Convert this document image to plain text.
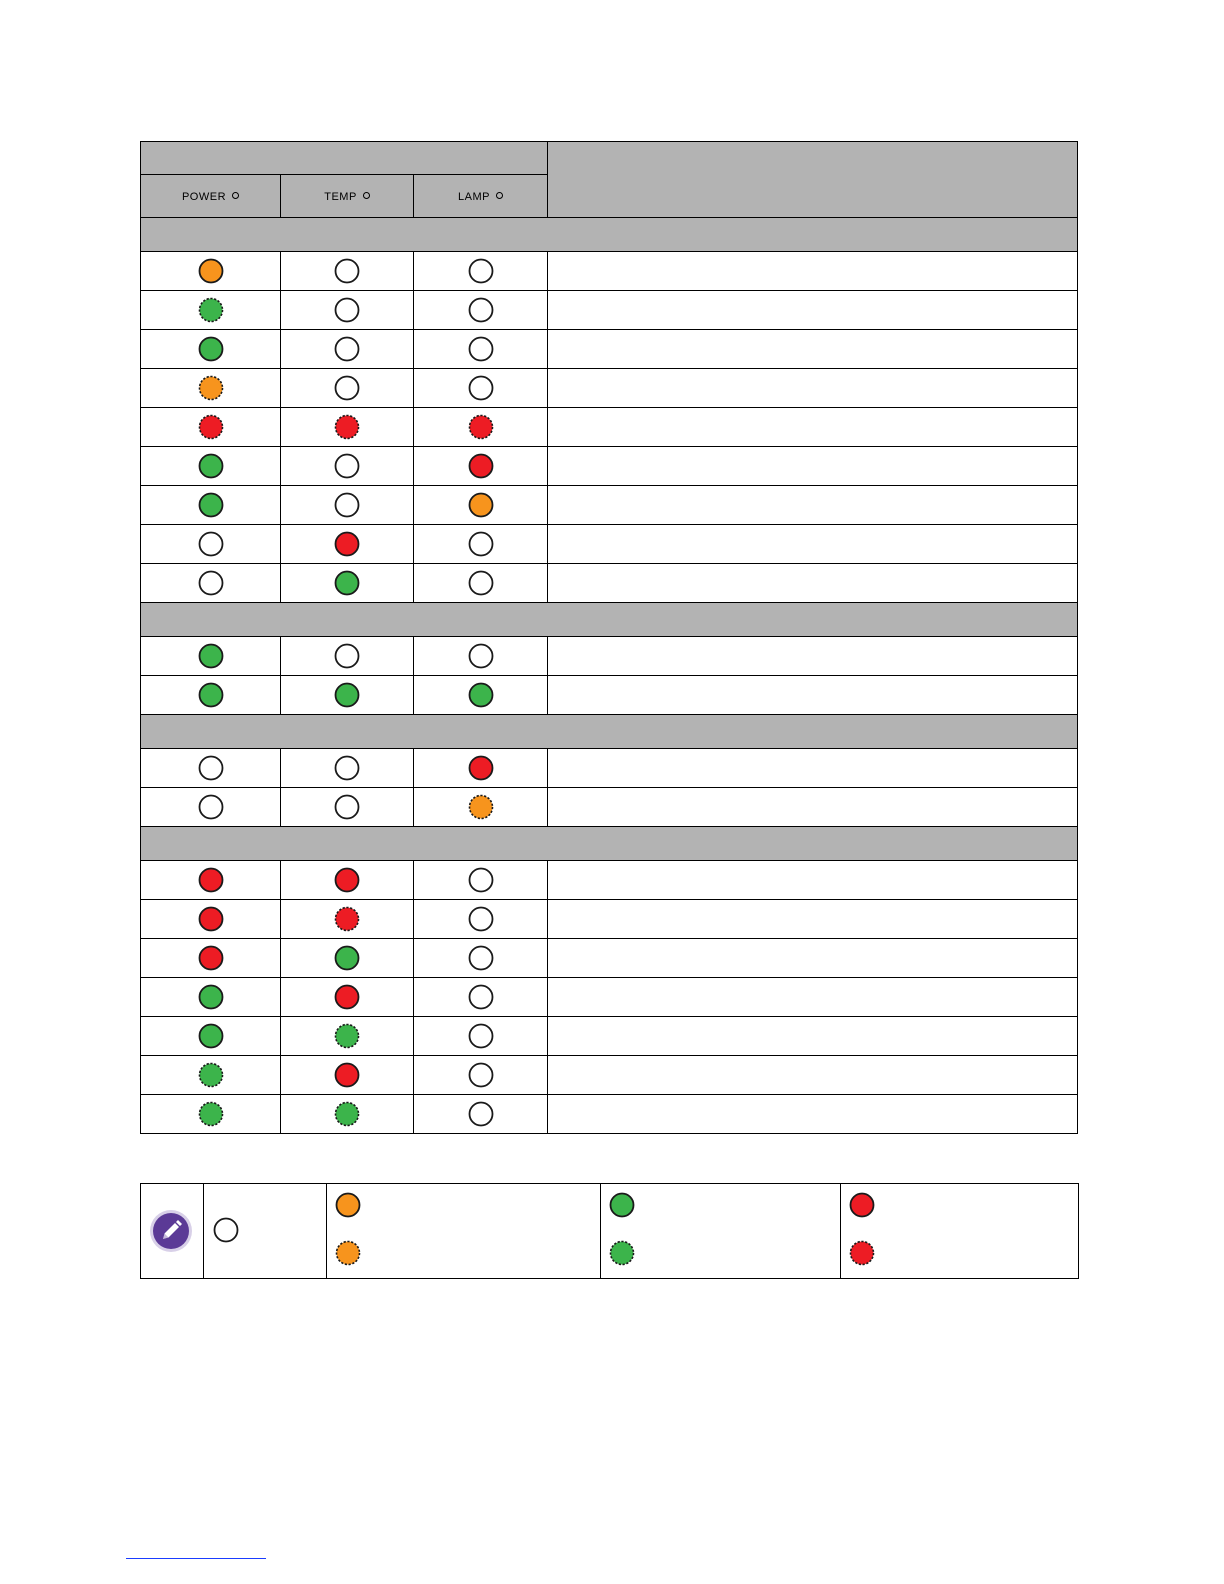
POWER	TEMP	LAMP	
